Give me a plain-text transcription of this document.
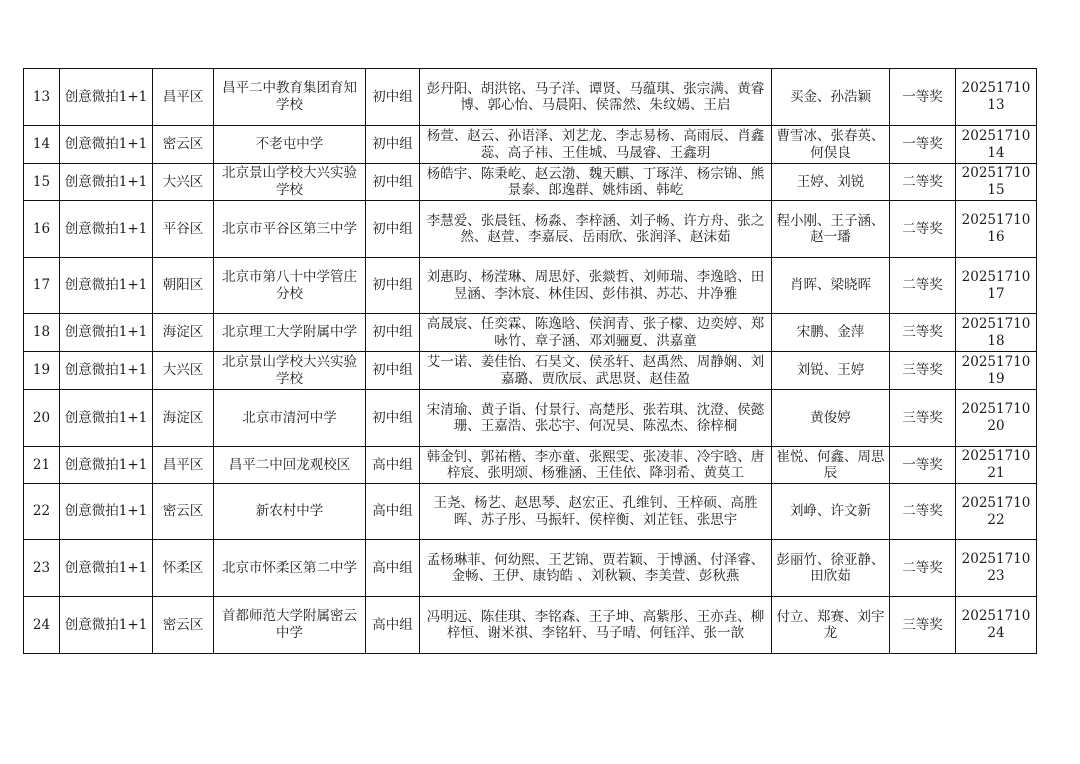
13	创意微拍1+1	昌平区	昌平二中教育集团育知学校	初中组	彭丹阳、胡洪铭、马子洋、谭贤、马蕴琪、张宗满、黄睿博、郭心怡、马晨阳、侯霈然、朱纹嫣、王启	买金、孙浩颖	一等奖	2025171013
14	创意微拍1+1	密云区	不老屯中学	初中组	杨萱、赵云、孙语泽、刘艺龙、李志易杨、高雨辰、肖鑫蕊、高子祎、王佳城、马晟睿、王鑫玥	曹雪冰、张春英、何俣良	一等奖	2025171014
15	创意微拍1+1	大兴区	北京景山学校大兴实验学校	初中组	杨皓宇、陈秉屹、赵云渤、魏天麒、丁琢洋、杨宗锦、熊景泰、郎逸群、姚炜函、韩屹	王婷、刘锐	二等奖	2025171015
16	创意微拍1+1	平谷区	北京市平谷区第三中学	初中组	李慧爱、张晨钰、杨淼、李梓涵、刘子畅、许方舟、张之然、赵萱、李嘉辰、岳雨欣、张润泽、赵沫茹	程小刚、王子涵、赵一璠	二等奖	2025171016
17	创意微拍1+1	朝阳区	北京市第八十中学管庄分校	初中组	刘惠昀、杨滢琳、周思妤、张燚哲、刘师瑞、李逸晗、田昱涵、李沐宸、林佳因、彭伟祺、苏芯、井净雅	肖晖、梁晓晖	二等奖	2025171017
18	创意微拍1+1	海淀区	北京理工大学附属中学	初中组	高晟宸、任奕霖、陈逸晗、侯润青、张子檬、边奕婷、郑咏竹、章子涵、邓刘骊夏、洪嘉童	宋鹏、金萍	三等奖	2025171018
19	创意微拍1+1	大兴区	北京景山学校大兴实验学校	初中组	艾一诺、姜佳怡、石昊文、侯丞轩、赵禹然、周静娴、刘嘉璐、贾欣辰、武思贤、赵佳盈	刘锐、王婷	三等奖	2025171019
20	创意微拍1+1	海淀区	北京市清河中学	初中组	宋清瑜、黄子诣、付景行、高楚彤、张若琪、沈澄、侯懿珊、王嘉浩、张芯宇、何况昊、陈泓杰、徐梓桐	黄俊婷	三等奖	2025171020
21	创意微拍1+1	昌平区	昌平二中回龙观校区	高中组	韩金钊、郭祐楷、李亦童、张熙雯、张凌菲、冷宇晗、唐梓宸、张明颂、杨雅涵、王佳依、降羽希、黄莫工	崔悦、何鑫、周思辰	一等奖	2025171021
22	创意微拍1+1	密云区	新农村中学	高中组	王尧、杨艺、赵思琴、赵宏正、孔维钊、王梓硕、高胜晖、苏子彤、马振轩、侯梓衡、刘芷钰、张思宇	刘峥、许文新	二等奖	2025171022
23	创意微拍1+1	怀柔区	北京市怀柔区第二中学	高中组	孟杨琳菲、何幼熙、王艺锦、贾若颖、于博涵、付泽睿、金畅、王伊、康钧皓 、刘秋颖、李美萱、彭秋燕	彭丽竹、徐亚静、田欣茹	二等奖	2025171023
24	创意微拍1+1	密云区	首都师范大学附属密云中学	高中组	冯明远、陈佳琪、李铭森、王子坤、高紫彤、王亦垚、柳梓恒、谢米祺、李铭轩、马子晴、何钰洋、张一歆	付立、郑赛、刘宇龙	三等奖	2025171024
